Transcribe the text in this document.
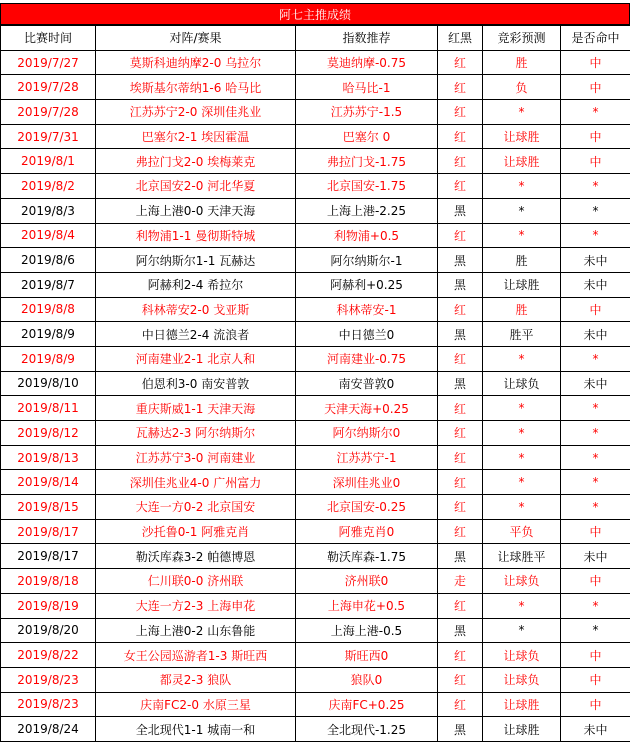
阿七主推成绩
比赛时间	对阵/赛果	指数推荐	红黑	竞彩预测	是否命中
2019/7/27	莫斯科迪纳摩2-0 乌拉尔	莫迪纳摩-0.75	红	胜	中
2019/7/28	埃斯基尔蒂纳1-6 哈马比	哈马比-1	红	负	中
2019/7/28	江苏苏宁2-0 深圳佳兆业	江苏苏宁-1.5	红	*	*
2019/7/31	巴塞尔2-1 埃因霍温	巴塞尔 0	红	让球胜	中
2019/8/1	弗拉门戈2-0 埃梅莱克	弗拉门戈-1.75	红	让球胜	中
2019/8/2	北京国安2-0 河北华夏	北京国安-1.75	红	*	*
2019/8/3	上海上港0-0 天津天海	上海上港-2.25	黑	*	*
2019/8/4	利物浦1-1 曼彻斯特城	利物浦+0.5	红	*	*
2019/8/6	阿尔纳斯尔1-1 瓦赫达	阿尔纳斯尔-1	黑	胜	未中
2019/8/7	阿赫利2-4 希拉尔	阿赫利+0.25	黑	让球胜	未中
2019/8/8	科林蒂安2-0 戈亚斯	科林蒂安-1	红	胜	中
2019/8/9	中日德兰2-4 流浪者	中日德兰0	黑	胜平	未中
2019/8/9	河南建业2-1 北京人和	河南建业-0.75	红	*	*
2019/8/10	伯恩利3-0 南安普敦	南安普敦0	黑	让球负	未中
2019/8/11	重庆斯威1-1 天津天海	天津天海+0.25	红	*	*
2019/8/12	瓦赫达2-3 阿尔纳斯尔	阿尔纳斯尔0	红	*	*
2019/8/13	江苏苏宁3-0 河南建业	江苏苏宁-1	红	*	*
2019/8/14	深圳佳兆业4-0 广州富力	深圳佳兆业0	红	*	*
2019/8/15	大连一方0-2 北京国安	北京国安-0.25	红	*	*
2019/8/17	沙托鲁0-1 阿雅克肖	阿雅克肖0	红	平负	中
2019/8/17	勒沃库森3-2 帕德博恩	勒沃库森-1.75	黑	让球胜平	未中
2019/8/18	仁川联0-0 济州联	济州联0	走	让球负	中
2019/8/19	大连一方2-3 上海申花	上海申花+0.5	红	*	*
2019/8/20	上海上港0-2 山东鲁能	上海上港-0.5	黑	*	*
2019/8/22	女王公园巡游者1-3 斯旺西	斯旺西0	红	让球负	中
2019/8/23	都灵2-3 狼队	狼队0	红	让球负	中
2019/8/23	庆南FC2-0 水原三星	庆南FC+0.25	红	让球胜	中
2019/8/24	全北现代1-1 城南一和	全北现代-1.25	黑	让球胜	未中
